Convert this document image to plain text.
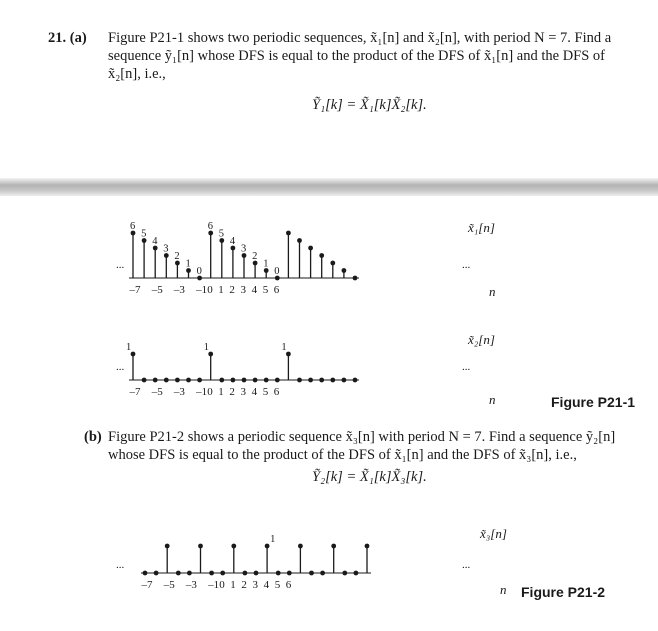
21. (a) Figure P21-1 shows two periodic sequences, x̃₁[n] and x̃₂[n], with period N = 7. Find a
sequence ỹ₁[n] whose DFS is equal to the product of the DFS of x̃₁[n] and the DFS of
x̃₂[n], i.e.,
Ỹ₁[k] = X̃₁[k]X̃₂[k].
6
5
4
3
2
1
0
6
5
4
3
2
1
0
–7 –5 –3 –1 0 1 2 3 4 5 6
...	...
x̃₁[n]
n
1	1	1
–7 –5 –3 –1 0 1 2 3 4 5 6
...	...
x̃₂[n]
n	Figure P21-1
(b) Figure P21-2 shows a periodic sequence x̃₃[n] with period N = 7. Find a sequence ỹ₂[n]
whose DFS is equal to the product of the DFS of x̃₁[n] and the DFS of x̃₃[n], i.e.,
Ỹ₂[k] = X̃₁[k]X̃₃[k].
1
–7 –5 –3 –1 0 1 2 3 4 5 6
...	...
x̃₃[n]
n Figure P21-2
